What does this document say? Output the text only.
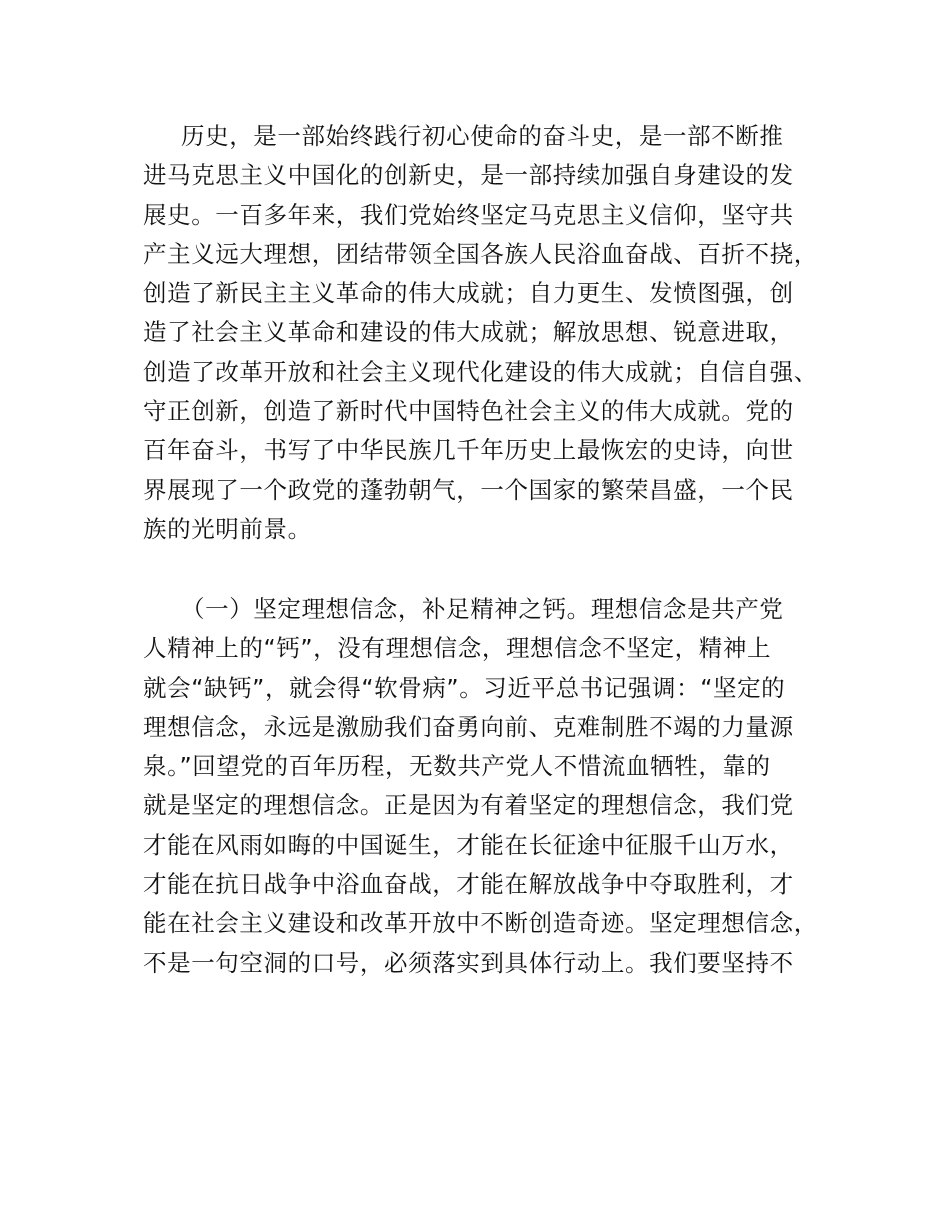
历史，是一部始终践行初心使命的奋斗史，是一部不断推
进马克思主义中国化的创新史，是一部持续加强自身建设的发
展史。一百多年来，我们党始终坚定马克思主义信仰，坚守共
产主义远大理想，团结带领全国各族人民浴血奋战、百折不挠，
创造了新民主主义革命的伟大成就；自力更生、发愤图强，创
造了社会主义革命和建设的伟大成就；解放思想、锐意进取，
创造了改革开放和社会主义现代化建设的伟大成就；自信自强、
守正创新，创造了新时代中国特色社会主义的伟大成就。党的
百年奋斗，书写了中华民族几千年历史上最恢宏的史诗，向世
界展现了一个政党的蓬勃朝气，一个国家的繁荣昌盛，一个民
族的光明前景。
（一）坚定理想信念，补足精神之钙。理想信念是共产党
人精神上的“钙”，没有理想信念，理想信念不坚定，精神上
就会“缺钙”，就会得“软骨病”。习近平总书记强调：“坚定的
理想信念，永远是激励我们奋勇向前、克难制胜不竭的力量源
泉。”回望党的百年历程，无数共产党人不惜流血牺牲，靠的
就是坚定的理想信念。正是因为有着坚定的理想信念，我们党
才能在风雨如晦的中国诞生，才能在长征途中征服千山万水，
才能在抗日战争中浴血奋战，才能在解放战争中夺取胜利，才
能在社会主义建设和改革开放中不断创造奇迹。坚定理想信念，
不是一句空洞的口号，必须落实到具体行动上。我们要坚持不
